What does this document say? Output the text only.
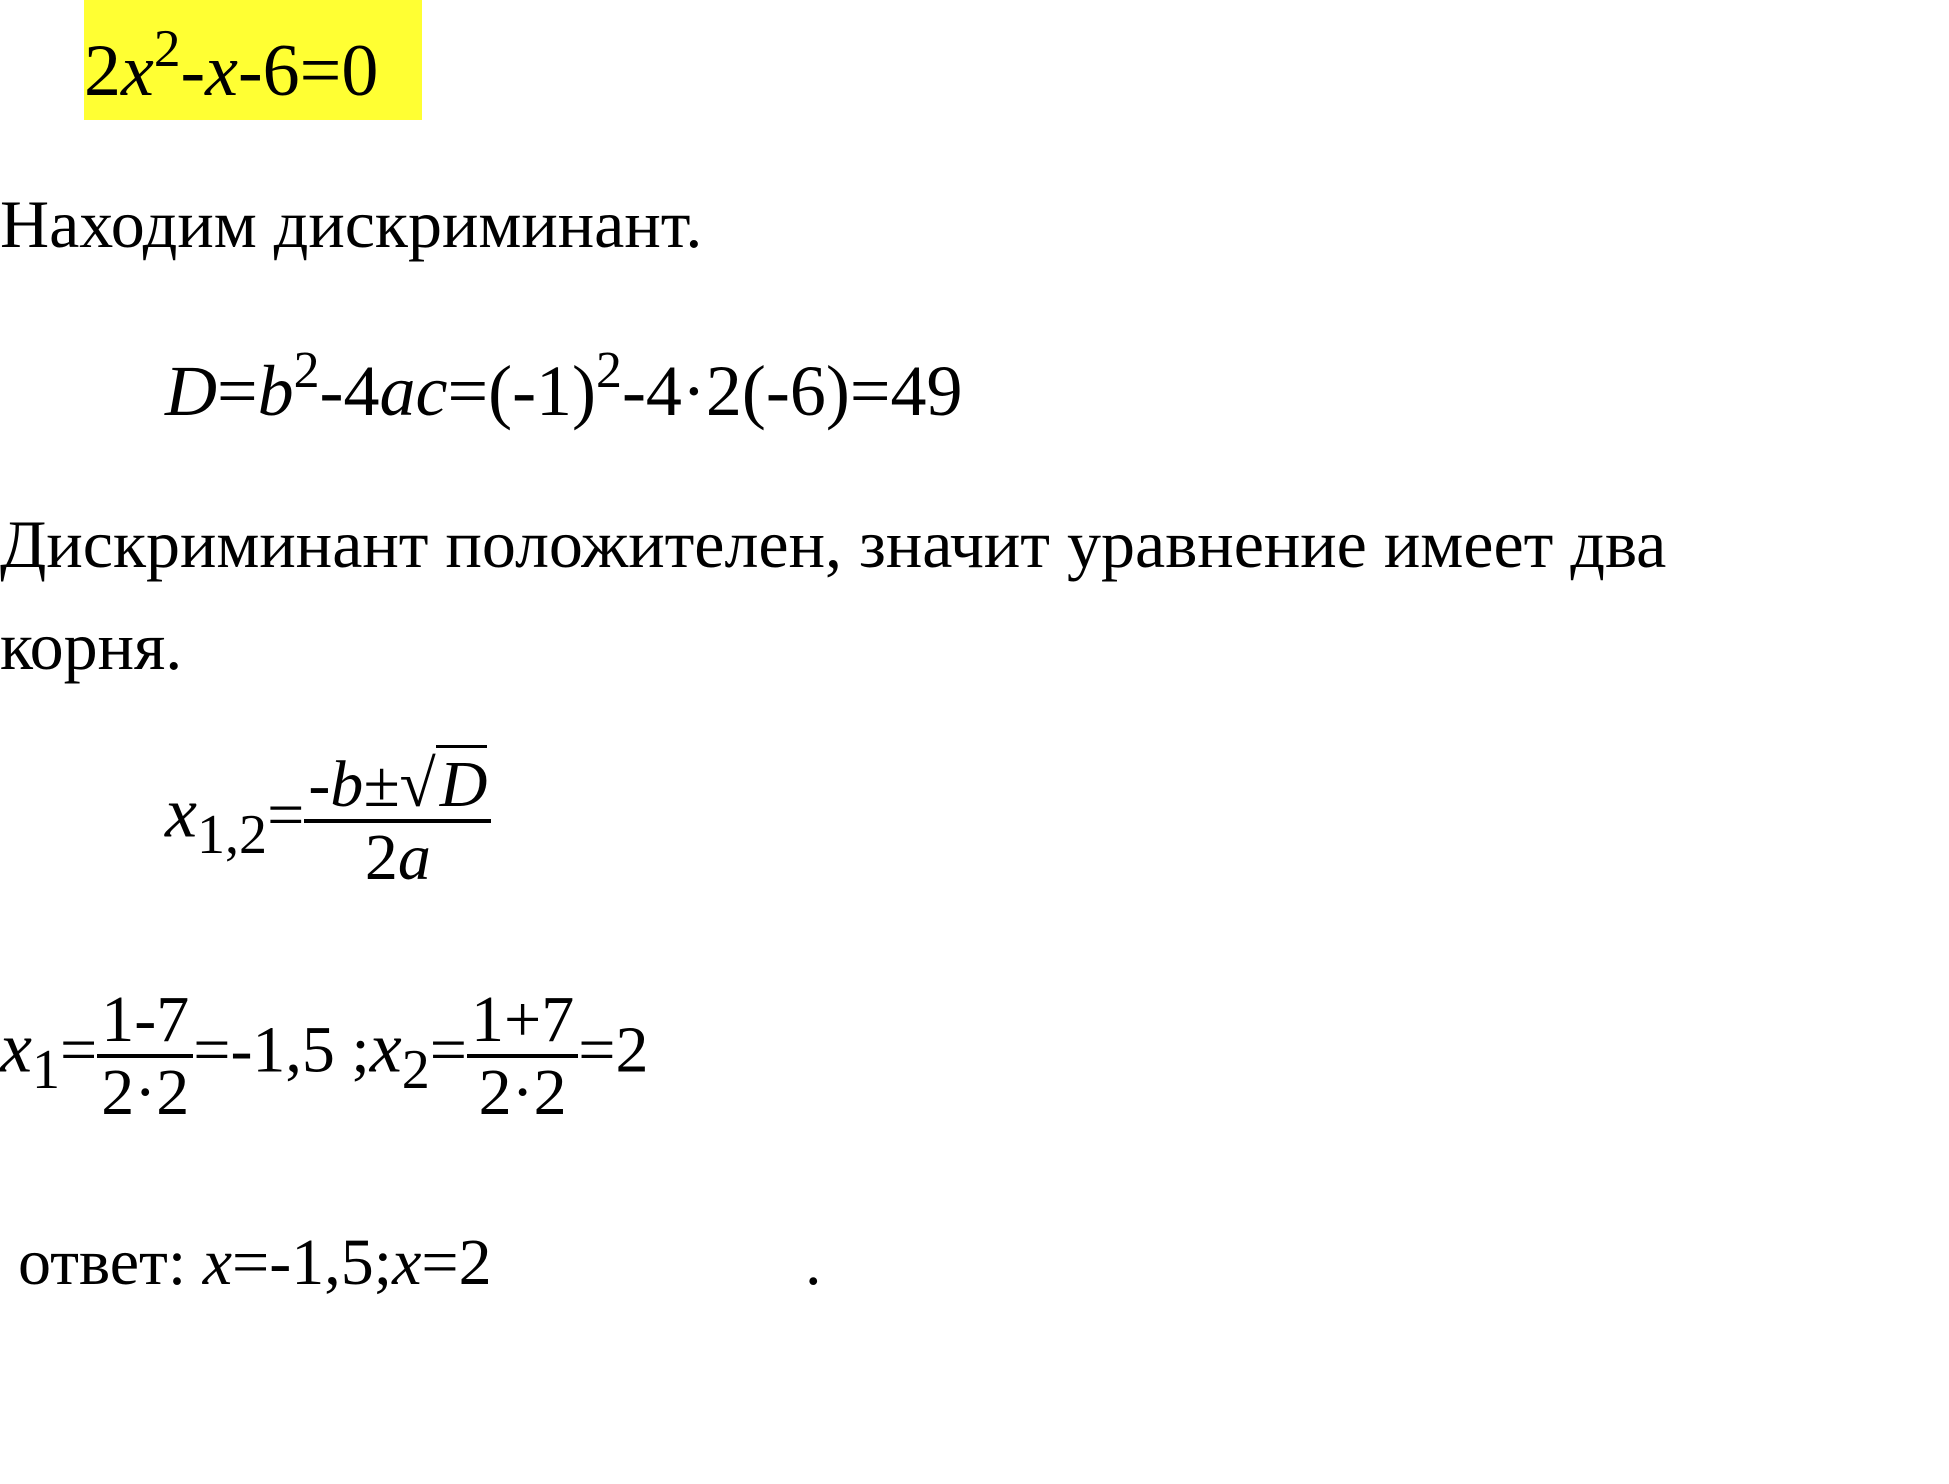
$2x^2-x-6=0$
Находим дискриминант.
$D=b^2-4ac=(-1)^2-4\cdot 2(-6)=49$
Дискриминант положителен, значит уравнение имеет два
корня.
$x_{1,2}= \frac{-b\pm√D}{2a}$
$x_1= \frac{1-7}{2\cdot 2} =-1,5$ $;x_2= \frac{1+7}{2\cdot 2} =2$
ответ: x=-1,5;x=2	.
